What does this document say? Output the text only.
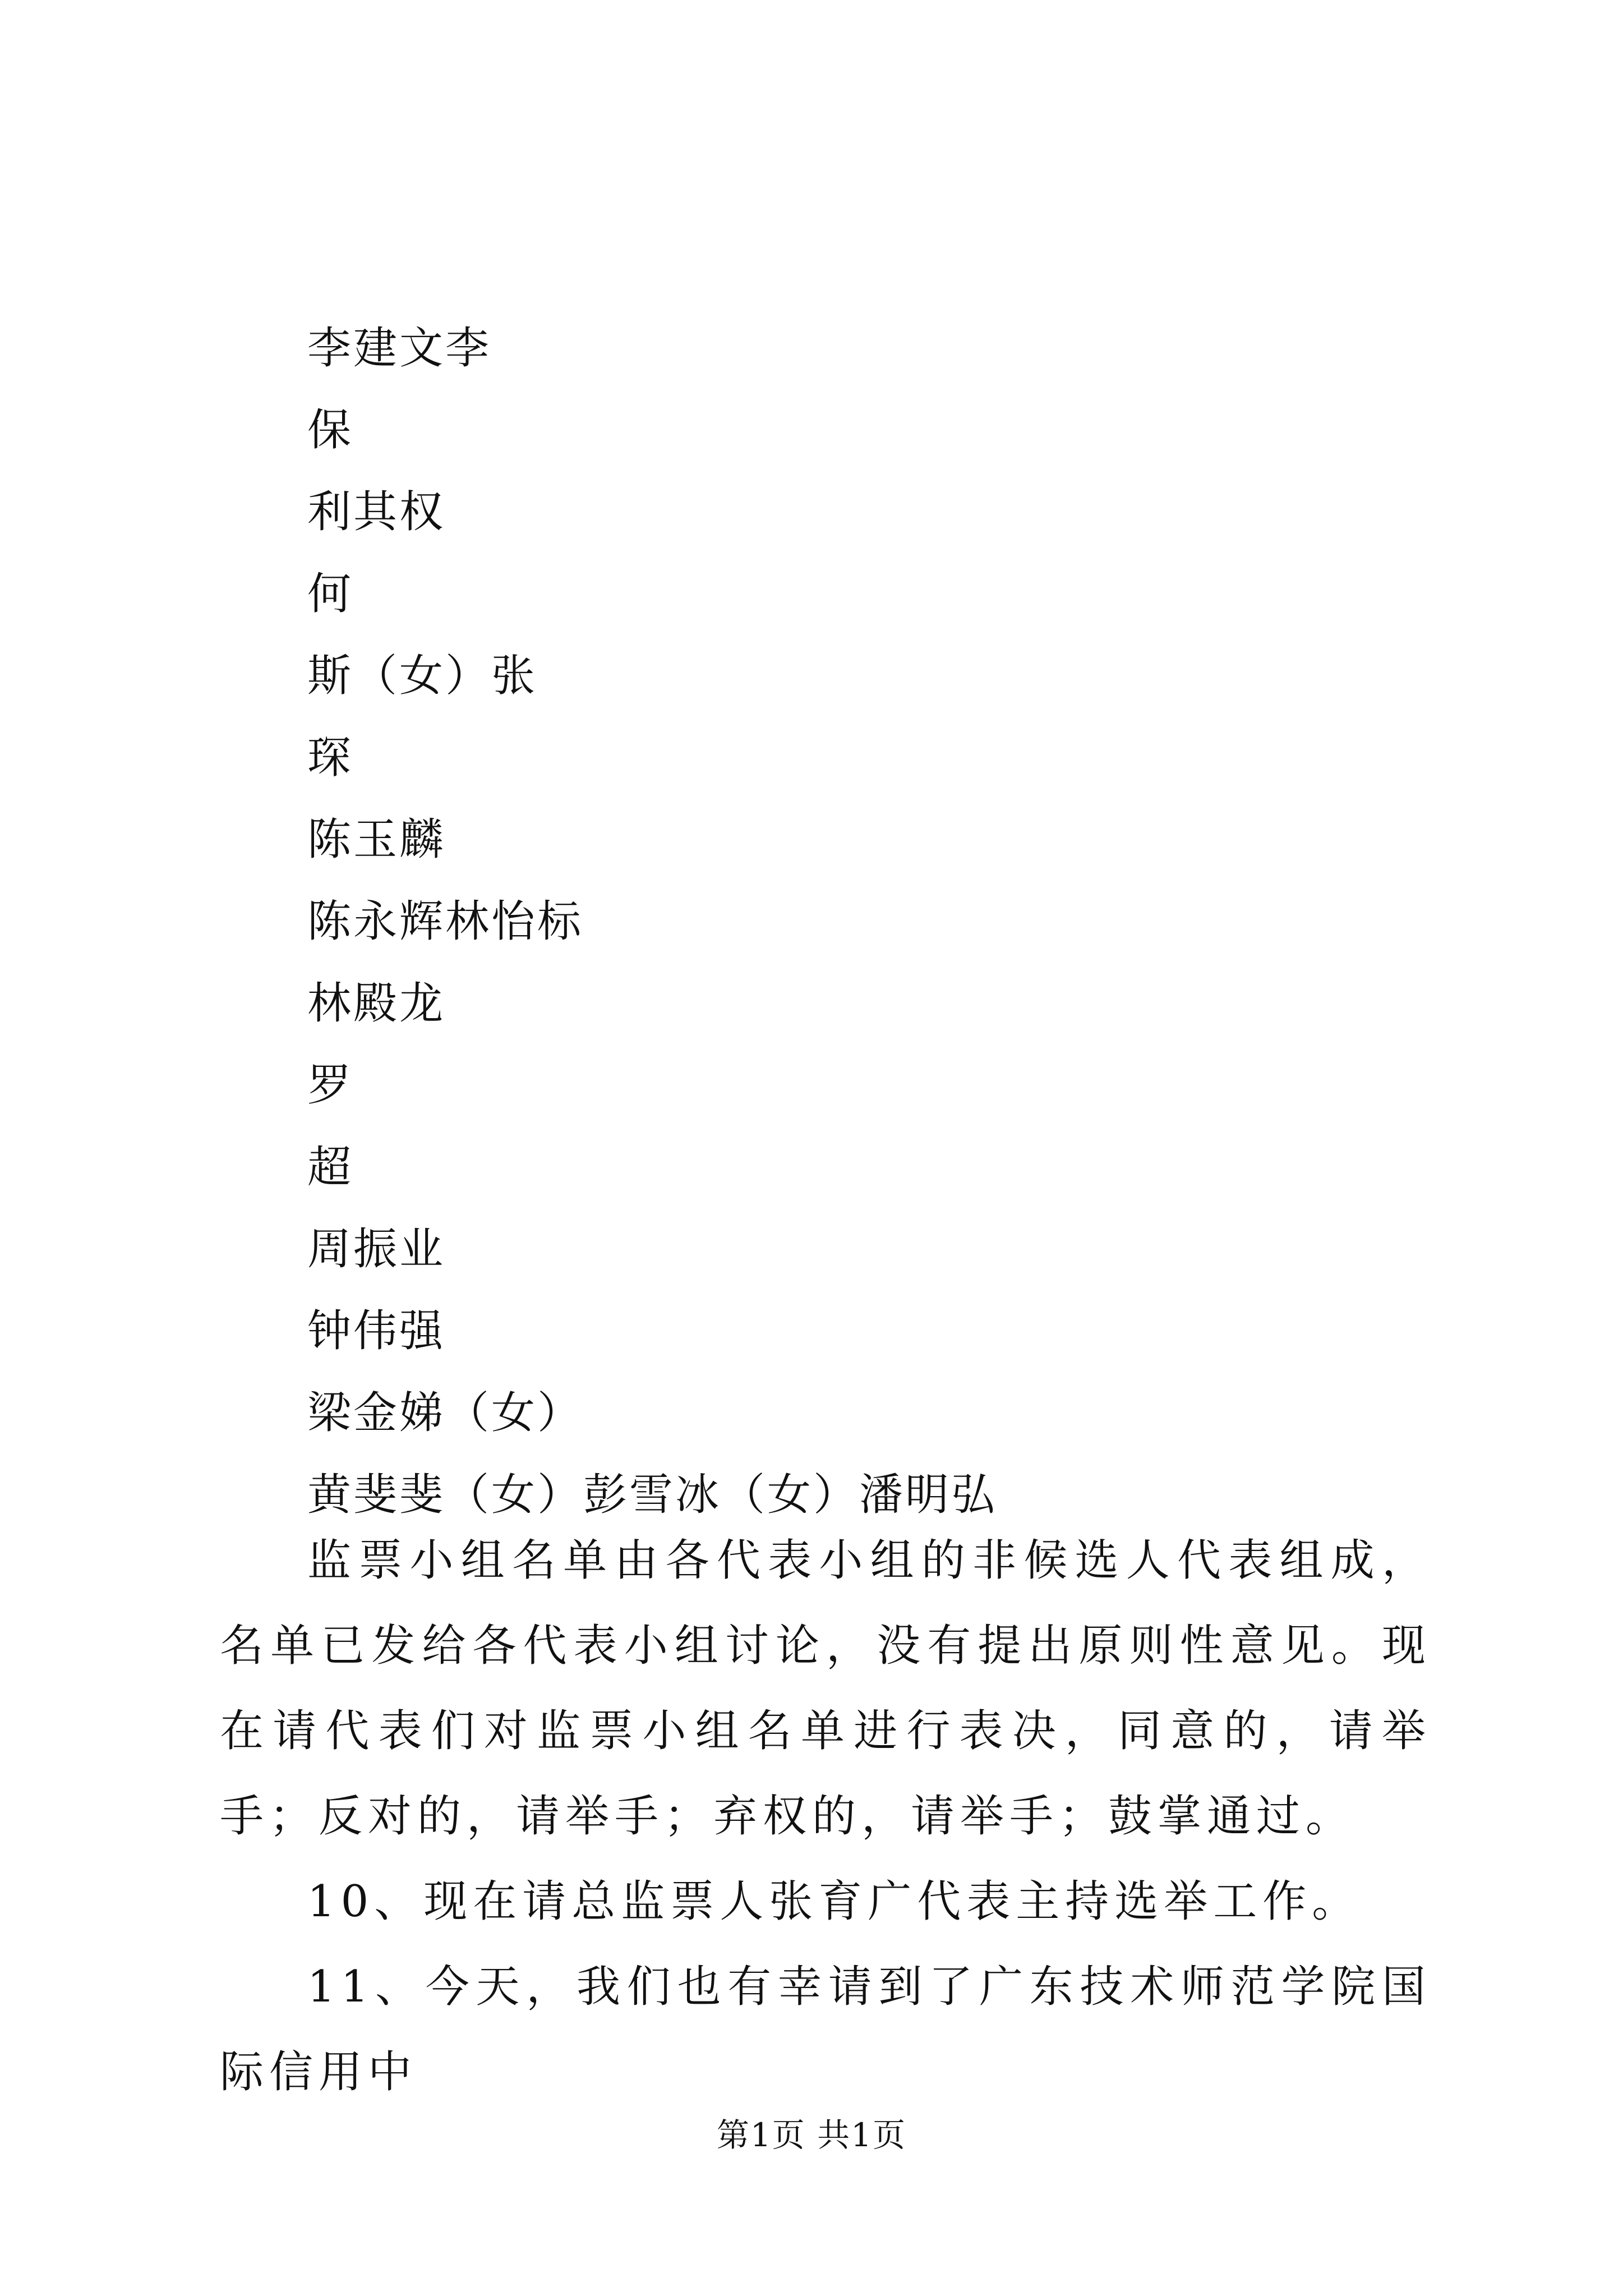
李建文李
保
利其权
何
斯（女）张
琛
陈玉麟
陈永辉林怡标
林殿龙
罗
超
周振业
钟伟强
梁金娣（女）
黄斐斐（女）彭雪冰（女）潘明弘

监票小组名单由各代表小组的非候选人代表组成，名单已发给各代表小组讨论，没有提出原则性意见。现在请代表们对监票小组名单进行表决，同意的，请举手；反对的，请举手；弃权的，请举手；鼓掌通过。

10、现在请总监票人张育广代表主持选举工作。

11、今天，我们也有幸请到了广东技术师范学院国际信用中

第1页 共1页
